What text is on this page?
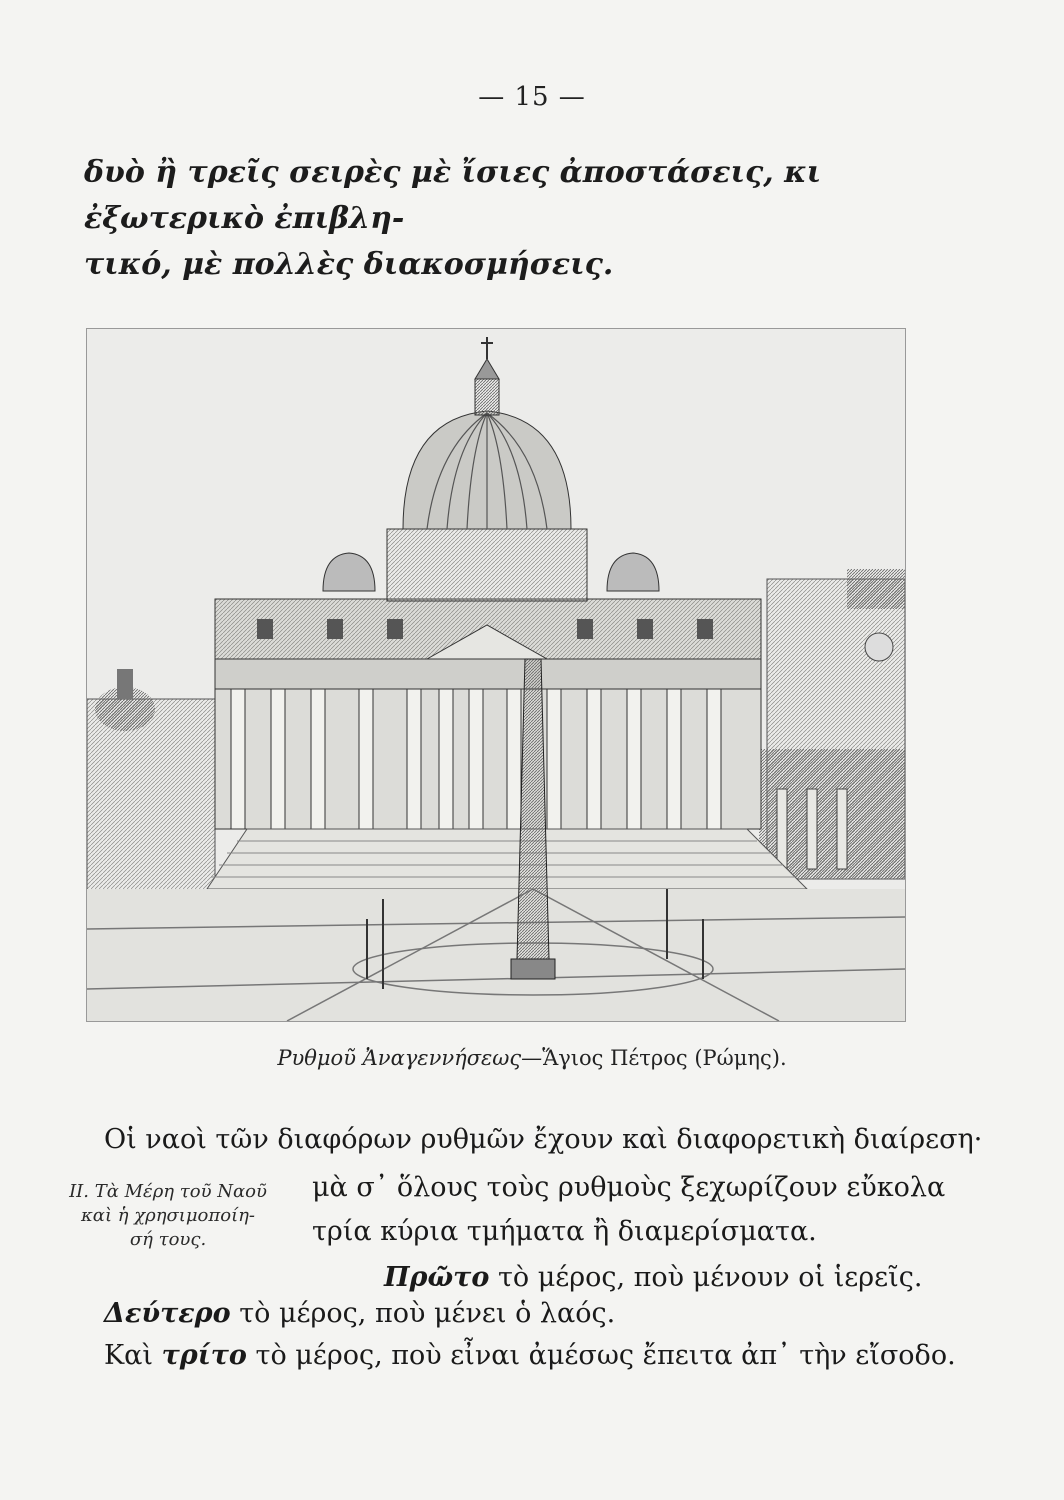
— 15 —
δυὸ ἢ τρεῖς σειρὲς μὲ ἴσιες ἀποστάσεις, κι ἐξωτερικὸ ἐπιβλη-
τικό, μὲ πολλὲς διακοσμήσεις.
Ρυθμοῦ Ἀναγεννήσεως—Ἅγιος Πέτρος (Ρώμης).
Οἱ ναοὶ τῶν διαφόρων ρυθμῶν ἔχουν καὶ διαφορετικὴ διαίρεση·
II. Τὰ Μέρη τοῦ Ναοῦ
καὶ ἡ χρησιμοποίη-
σή τους.
μὰ σ᾿ ὅλους τοὺς ρυθμοὺς ξεχωρίζουν εὔκολα
τρία κύρια τμήματα ἢ διαμερίσματα.
Πρῶτο τὸ μέρος, ποὺ μένουν οἱ ἱερεῖς.
Δεύτερο τὸ μέρος, ποὺ μένει ὁ λαός.
Καὶ τρίτο τὸ μέρος, ποὺ εἶναι ἀμέσως ἔπειτα ἀπ᾿ τὴν εἴσοδο.
